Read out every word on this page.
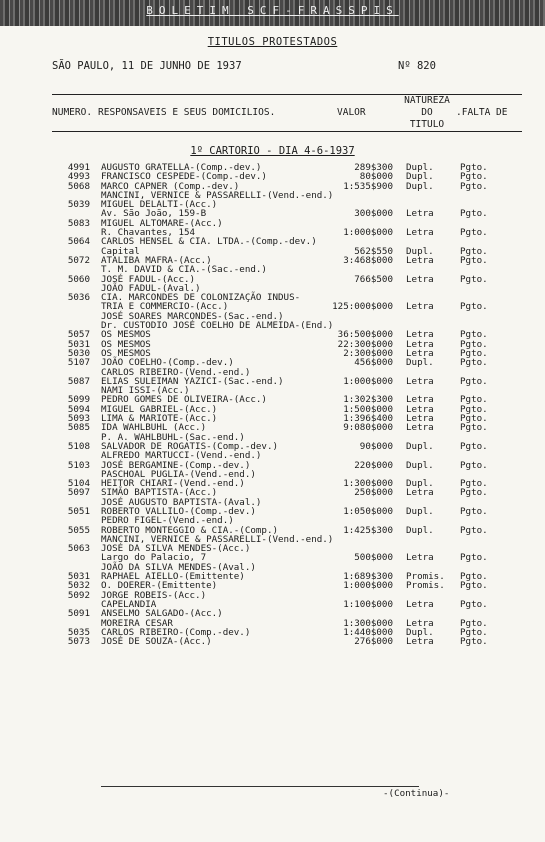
BOLETIM SCF-FRASSPIS
TITULOS PROTESTADOS
SÃO PAULO, 11 DE JUNHO DE 1937	Nº 820
NUMERO. RESPONSAVEIS E SEUS DOMICILIOS.	VALOR
NATUREZA
DO
TITULO
.FALTA DE
1º CARTORIO - DIA 4-6-1937
4991 AUGUSTO GRATELLA-(Comp.-dev.)	289$300 Dupl.	Pgto.
4993 FRANCISCO CESPEDE-(Comp.-dev.)	80$000 Dupl.	Pgto.
5068 MARCO CAPNER (Comp.-dev.)	1:535$900 Dupl.	Pgto.
MANCINI, VERNICE & PASSARELLI-(Vend.-end.)
5039 MIGUEL DELALTI-(Acc.)
Av. São João, 159-B	300$000 Letra	Pgto.
5083 MIGUEL ALTOMARE-(Acc.)
R. Chavantes, 154	1:000$000 Letra	Pgto.
5064 CARLOS HENSEL & CIA. LTDA.-(Comp.-dev.)
Capital	562$550 Dupl.	Pgto.
5072 ATALIBA MAFRA-(Acc.)	3:468$000 Letra	Pgto.
T. M. DAVID & CIA.-(Sac.-end.)
5060 JOSÉ FADUL-(Acc.)	766$500 Letra	Pgto.
JOÃO FADUL-(Aval.)
5036 CIA. MARCONDES DE COLONIZAÇÃO INDUS-
TRIA E COMMERCIO-(Acc.)	125:000$000 Letra	Pgto.
JOSÉ SOARES MARCONDES-(Sac.-end.)
Dr. CUSTODIO JOSÉ COELHO DE ALMEIDA-(End.)
5057 OS MESMOS	36:500$000 Letra	Pgto.
5031 OS MESMOS	22:300$000 Letra	Pgto.
5030 OS MESMOS	2:300$000 Letra	Pgto.
5107 JOÃO COELHO-(Comp.-dev.)	456$000 Dupl.	Pgto.
CARLOS RIBEIRO-(Vend.-end.)
5087 ELIAS SULEIMAN YAZICI-(Sac.-end.)	1:000$000 Letra	Pgto.
NAMI ISSI-(Acc.)
5099 PEDRO GOMES DE OLIVEIRA-(Acc.)	1:302$300 Letra	Pgto.
5094 MIGUEL GABRIEL-(Acc.)	1:500$000 Letra	Pgto.
5093 LIMA & MARIOTE-(Acc.)	1:396$400 Letra	Pgto.
5085 IDA WAHLBUHL (Acc.)	9:080$000 Letra	Pgto.
P. A. WAHLBUHL-(Sac.-end.)
5108 SALVADOR DE ROGATIS-(Comp.-dev.)	90$000 Dupl.	Pgto.
ALFREDO MARTUCCI-(Vend.-end.)
5103 JOSÉ BERGAMINE-(Comp.-dev.)	220$000 Dupl.	Pgto.
PASCHOAL PUGLIA-(Vend.-end.)
5104 HEITOR CHIARI-(Vend.-end.)	1:300$000 Dupl.	Pgto.
5097 SIMÃO BAPTISTA-(Acc.)	250$000 Letra	Pgto.
JOSÉ AUGUSTO BAPTISTA-(Aval.)
5051 ROBERTO VALLILO-(Comp.-dev.)	1:050$000 Dupl.	Pgto.
PEDRO FIGEL-(Vend.-end.)
5055 ROBERTO MONTEGGIO & CIA.-(Comp.)	1:425$300 Dupl.	Pgto.
MANCINI, VERNICE & PASSARELLI-(Vend.-end.)
5063 JOSÉ DA SILVA MENDES-(Acc.)
Largo do Palacio, 7	500$000 Letra	Pgto.
JOÃO DA SILVA MENDES-(Aval.)
5031 RAPHAEL AIELLO-(Emittente)	1:689$300 Promis. Pgto.
5032 O. DOERER-(Emittente)	1:000$000 Promis. Pgto.
5092 JORGE ROBEIS-(Acc.)
CAPELANDIA	1:100$000 Letra	Pgto.
5091 ANSELMO SALGADO-(Acc.)
MOREIRA CESAR	1:300$000 Letra	Pgto.
5035 CARLOS RIBEIRO-(Comp.-dev.)	1:440$000 Dupl.	Pgto.
5073 JOSÉ DE SOUZA-(Acc.)	276$000 Letra	Pgto.
-(Continua)-
